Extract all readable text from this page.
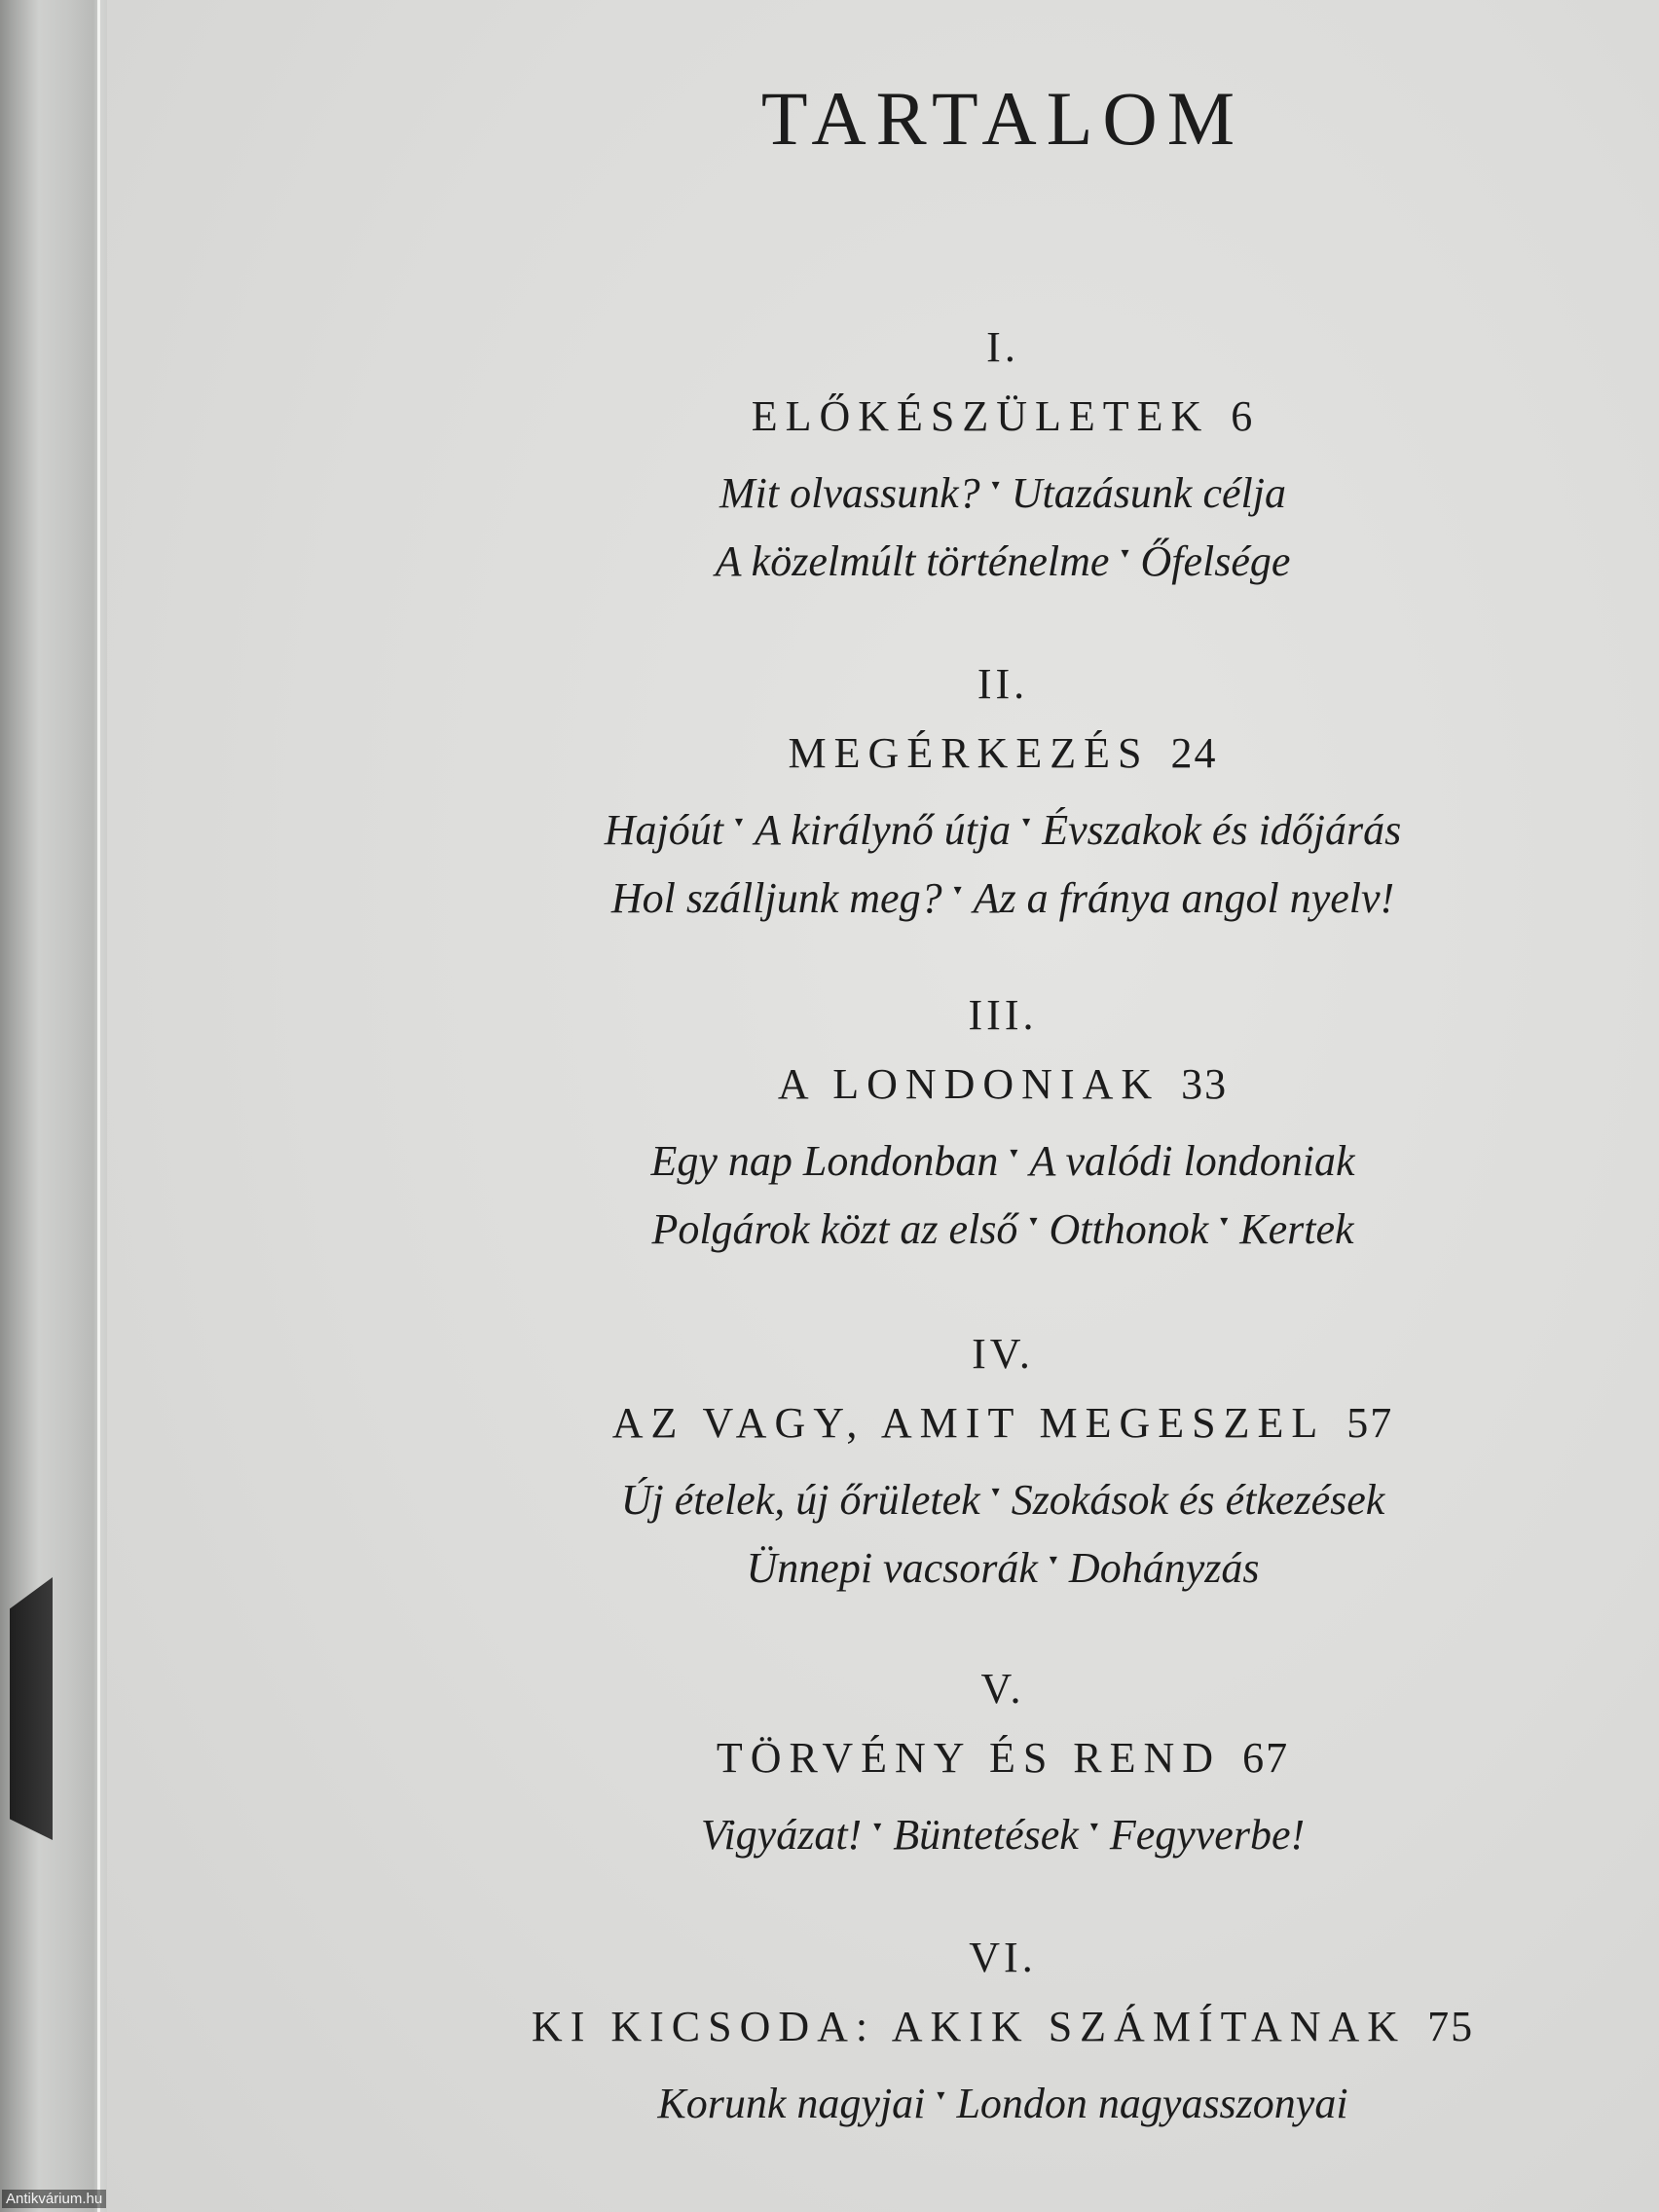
TARTALOM
I.
ELŐKÉSZÜLETEK 6
Mit olvassunk? ▾ Utazásunk célja
A közelmúlt történelme ▾ Őfelsége
II.
MEGÉRKEZÉS 24
Hajóút ▾ A királynő útja ▾ Évszakok és időjárás
Hol szálljunk meg? ▾ Az a fránya angol nyelv!
III.
A LONDONIAK 33
Egy nap Londonban ▾ A valódi londoniak
Polgárok közt az első ▾ Otthonok ▾ Kertek
IV.
AZ VAGY, AMIT MEGESZEL 57
Új ételek, új őrületek ▾ Szokások és étkezések
Ünnepi vacsorák ▾ Dohányzás
V.
TÖRVÉNY ÉS REND 67
Vigyázat! ▾ Büntetések ▾ Fegyverbe!
VI.
KI KICSODA: AKIK SZÁMÍTANAK 75
Korunk nagyjai ▾ London nagyasszonyai
Antikvárium.hu
